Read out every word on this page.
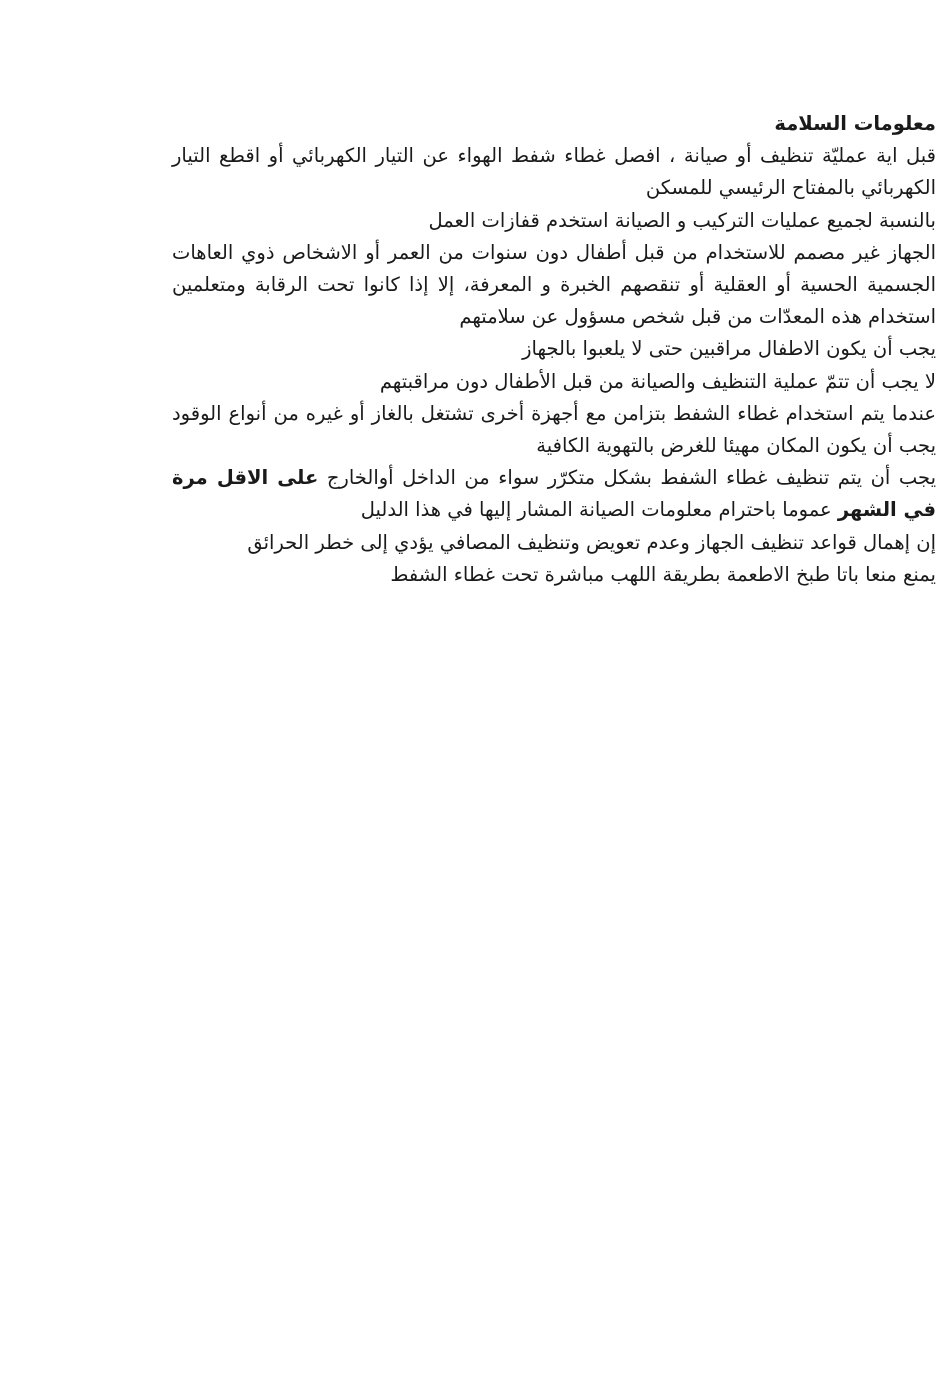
معلومات السلامة

قبل اية عمليّة تنظيف أو صيانة ، افصل غطاء شفط الهواء عن التيار الكهربائي أو اقطع التيار الكهربائي بالمفتاح الرئيسي للمسكن

بالنسبة لجميع عمليات التركيب و الصيانة استخدم قفازات العمل

الجهاز غير مصمم للاستخدام من قبل أطفال دون سنوات من العمر أو الاشخاص ذوي العاهات الجسمية الحسية أو العقلية أو تنقصهم الخبرة و المعرفة، إلا إذا كانوا تحت الرقابة ومتعلمين استخدام هذه المعدّات من قبل شخص مسؤول عن سلامتهم

يجب أن يكون الاطفال مراقبين حتى لا يلعبوا بالجهاز

لا يجب أن تتمّ عملية التنظيف والصيانة من قبل الأطفال دون مراقبتهم

عندما يتم استخدام غطاء الشفط بتزامن مع أجهزة أخرى تشتغل بالغاز أو غيره من أنواع الوقود يجب أن يكون المكان مهيئا للغرض بالتهوية الكافية

يجب أن يتم تنظيف غطاء الشفط بشكل متكرّر سواء من الداخل أوالخارج على الاقل مرة في الشهر عموما باحترام معلومات الصيانة المشار إليها في هذا الدليل

إن إهمال قواعد تنظيف الجهاز وعدم تعويض وتنظيف المصافي يؤدي إلى خطر الحرائق

يمنع منعا باتا طبخ الاطعمة بطريقة اللهب مباشرة تحت غطاء الشفط
